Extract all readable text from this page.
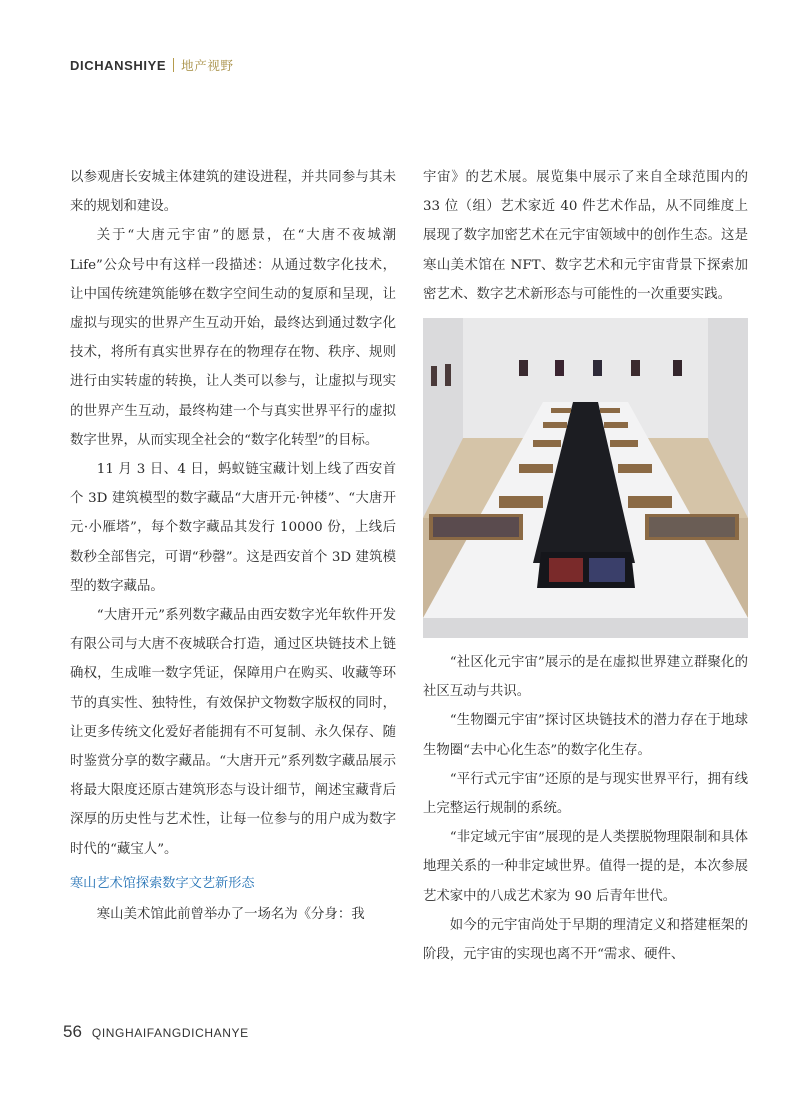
DICHANSHIYE 地产视野

以参观唐长安城主体建筑的建设进程，并共同参与其未来的规划和建设。

关于“大唐元宇宙”的愿景，在“大唐不夜城潮 Life”公众号中有这样一段描述：从通过数字化技术，让中国传统建筑能够在数字空间生动的复原和呈现，让虚拟与现实的世界产生互动开始，最终达到通过数字化技术，将所有真实世界存在的物理存在物、秩序、规则进行由实转虚的转换，让人类可以参与，让虚拟与现实的世界产生互动，最终构建一个与真实世界平行的虚拟数字世界，从而实现全社会的“数字化转型”的目标。

11 月 3 日、4 日，蚂蚁链宝藏计划上线了西安首个 3D 建筑模型的数字藏品“大唐开元·钟楼”、“大唐开元·小雁塔”，每个数字藏品其发行 10000 份，上线后数秒全部售完，可谓“秒罄”。这是西安首个 3D 建筑模型的数字藏品。

“大唐开元”系列数字藏品由西安数字光年软件开发有限公司与大唐不夜城联合打造，通过区块链技术上链确权，生成唯一数字凭证，保障用户在购买、收藏等环节的真实性、独特性，有效保护文物数字版权的同时，让更多传统文化爱好者能拥有不可复制、永久保存、随时鉴赏分享的数字藏品。“大唐开元”系列数字藏品展示将最大限度还原古建筑形态与设计细节，阐述宝藏背后深厚的历史性与艺术性，让每一位参与的用户成为数字时代的“藏宝人”。

寒山艺术馆探索数字文艺新形态

寒山美术馆此前曾举办了一场名为《分身：我

宇宙》的艺术展。展览集中展示了来自全球范围内的 33 位（组）艺术家近 40 件艺术作品，从不同维度上展现了数字加密艺术在元宇宙领域中的创作生态。这是寒山美术馆在 NFT、数字艺术和元宇宙背景下探索加密艺术、数字艺术新形态与可能性的一次重要实践。

“社区化元宇宙”展示的是在虚拟世界建立群聚化的社区互动与共识。

“生物圈元宇宙”探讨区块链技术的潜力存在于地球生物圈“去中心化生态”的数字化生存。

“平行式元宇宙”还原的是与现实世界平行，拥有线上完整运行规制的系统。

“非定域元宇宙”展现的是人类摆脱物理限制和具体地理关系的一种非定域世界。值得一提的是，本次参展艺术家中的八成艺术家为 90 后青年世代。

如今的元宇宙尚处于早期的理清定义和搭建框架的阶段，元宇宙的实现也离不开“需求、硬件、

56 QINGHAIFANGDICHANYE
